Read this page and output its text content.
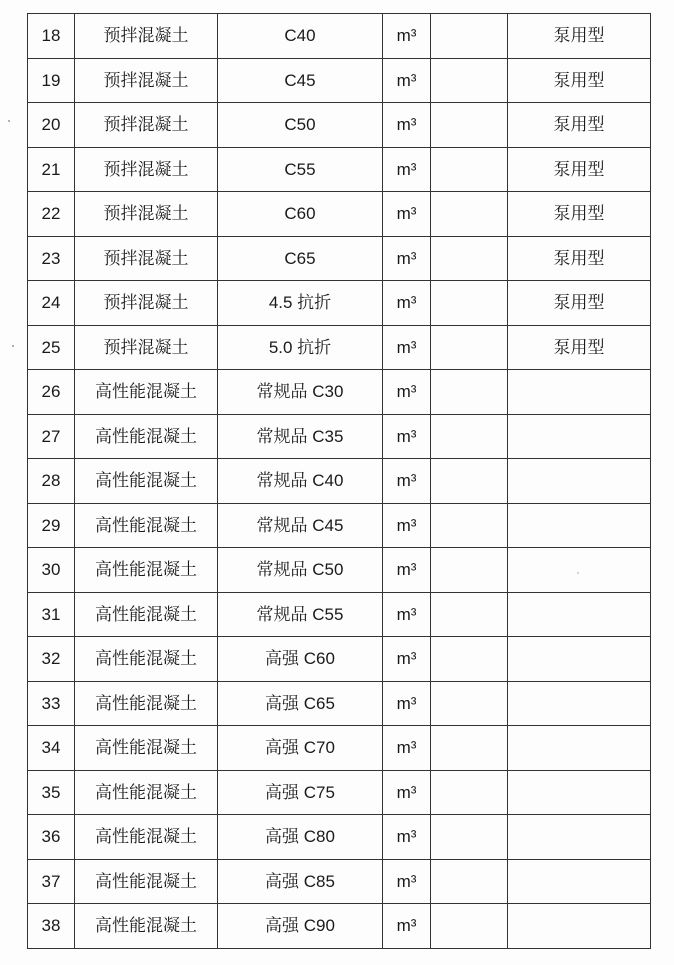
18	预拌混凝土	C40	m³		泵用型
19	预拌混凝土	C45	m³		泵用型
20	预拌混凝土	C50	m³		泵用型
21	预拌混凝土	C55	m³		泵用型
22	预拌混凝土	C60	m³		泵用型
23	预拌混凝土	C65	m³		泵用型
24	预拌混凝土	4.5 抗折	m³		泵用型
25	预拌混凝土	5.0 抗折	m³		泵用型
26	高性能混凝土	常规品 C30	m³		
27	高性能混凝土	常规品 C35	m³		
28	高性能混凝土	常规品 C40	m³		
29	高性能混凝土	常规品 C45	m³		
30	高性能混凝土	常规品 C50	m³		
31	高性能混凝土	常规品 C55	m³		
32	高性能混凝土	高强 C60	m³		
33	高性能混凝土	高强 C65	m³		
34	高性能混凝土	高强 C70	m³		
35	高性能混凝土	高强 C75	m³		
36	高性能混凝土	高强 C80	m³		
37	高性能混凝土	高强 C85	m³		
38	高性能混凝土	高强 C90	m³		
